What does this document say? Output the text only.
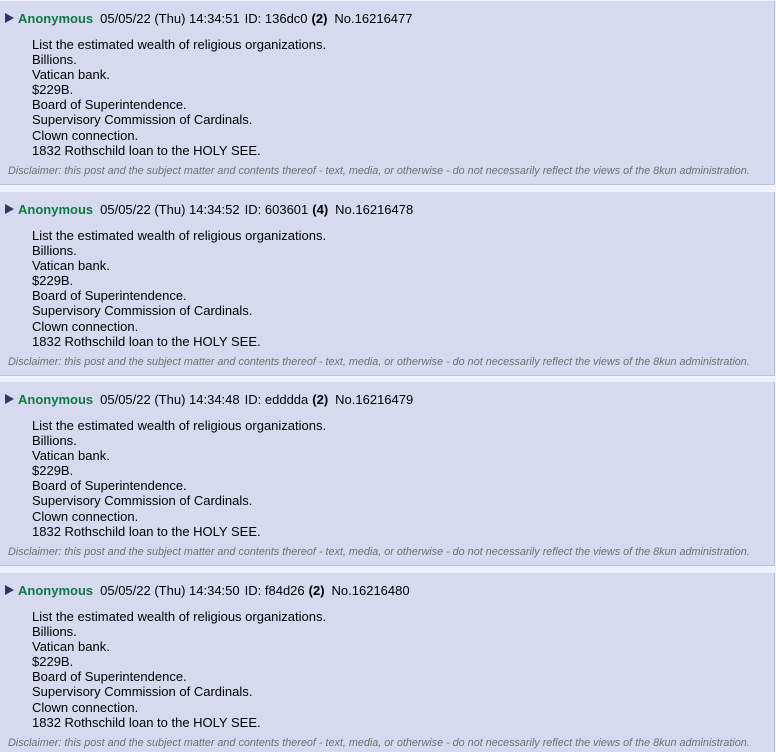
Anonymous 05/05/22 (Thu) 14:34:51 ID: 136dc0 (2) No.16216477
List the estimated wealth of religious organizations.
Billions.
Vatican bank.
$229B.
Board of Superintendence.
Supervisory Commission of Cardinals.
Clown connection.
1832 Rothschild loan to the HOLY SEE.
Disclaimer: this post and the subject matter and contents thereof - text, media, or otherwise - do not necessarily reflect the views of the 8kun administration.
Anonymous 05/05/22 (Thu) 14:34:52 ID: 603601 (4) No.16216478
List the estimated wealth of religious organizations.
Billions.
Vatican bank.
$229B.
Board of Superintendence.
Supervisory Commission of Cardinals.
Clown connection.
1832 Rothschild loan to the HOLY SEE.
Disclaimer: this post and the subject matter and contents thereof - text, media, or otherwise - do not necessarily reflect the views of the 8kun administration.
Anonymous 05/05/22 (Thu) 14:34:48 ID: edddda (2) No.16216479
List the estimated wealth of religious organizations.
Billions.
Vatican bank.
$229B.
Board of Superintendence.
Supervisory Commission of Cardinals.
Clown connection.
1832 Rothschild loan to the HOLY SEE.
Disclaimer: this post and the subject matter and contents thereof - text, media, or otherwise - do not necessarily reflect the views of the 8kun administration.
Anonymous 05/05/22 (Thu) 14:34:50 ID: f84d26 (2) No.16216480
List the estimated wealth of religious organizations.
Billions.
Vatican bank.
$229B.
Board of Superintendence.
Supervisory Commission of Cardinals.
Clown connection.
1832 Rothschild loan to the HOLY SEE.
Disclaimer: this post and the subject matter and contents thereof - text, media, or otherwise - do not necessarily reflect the views of the 8kun administration.
